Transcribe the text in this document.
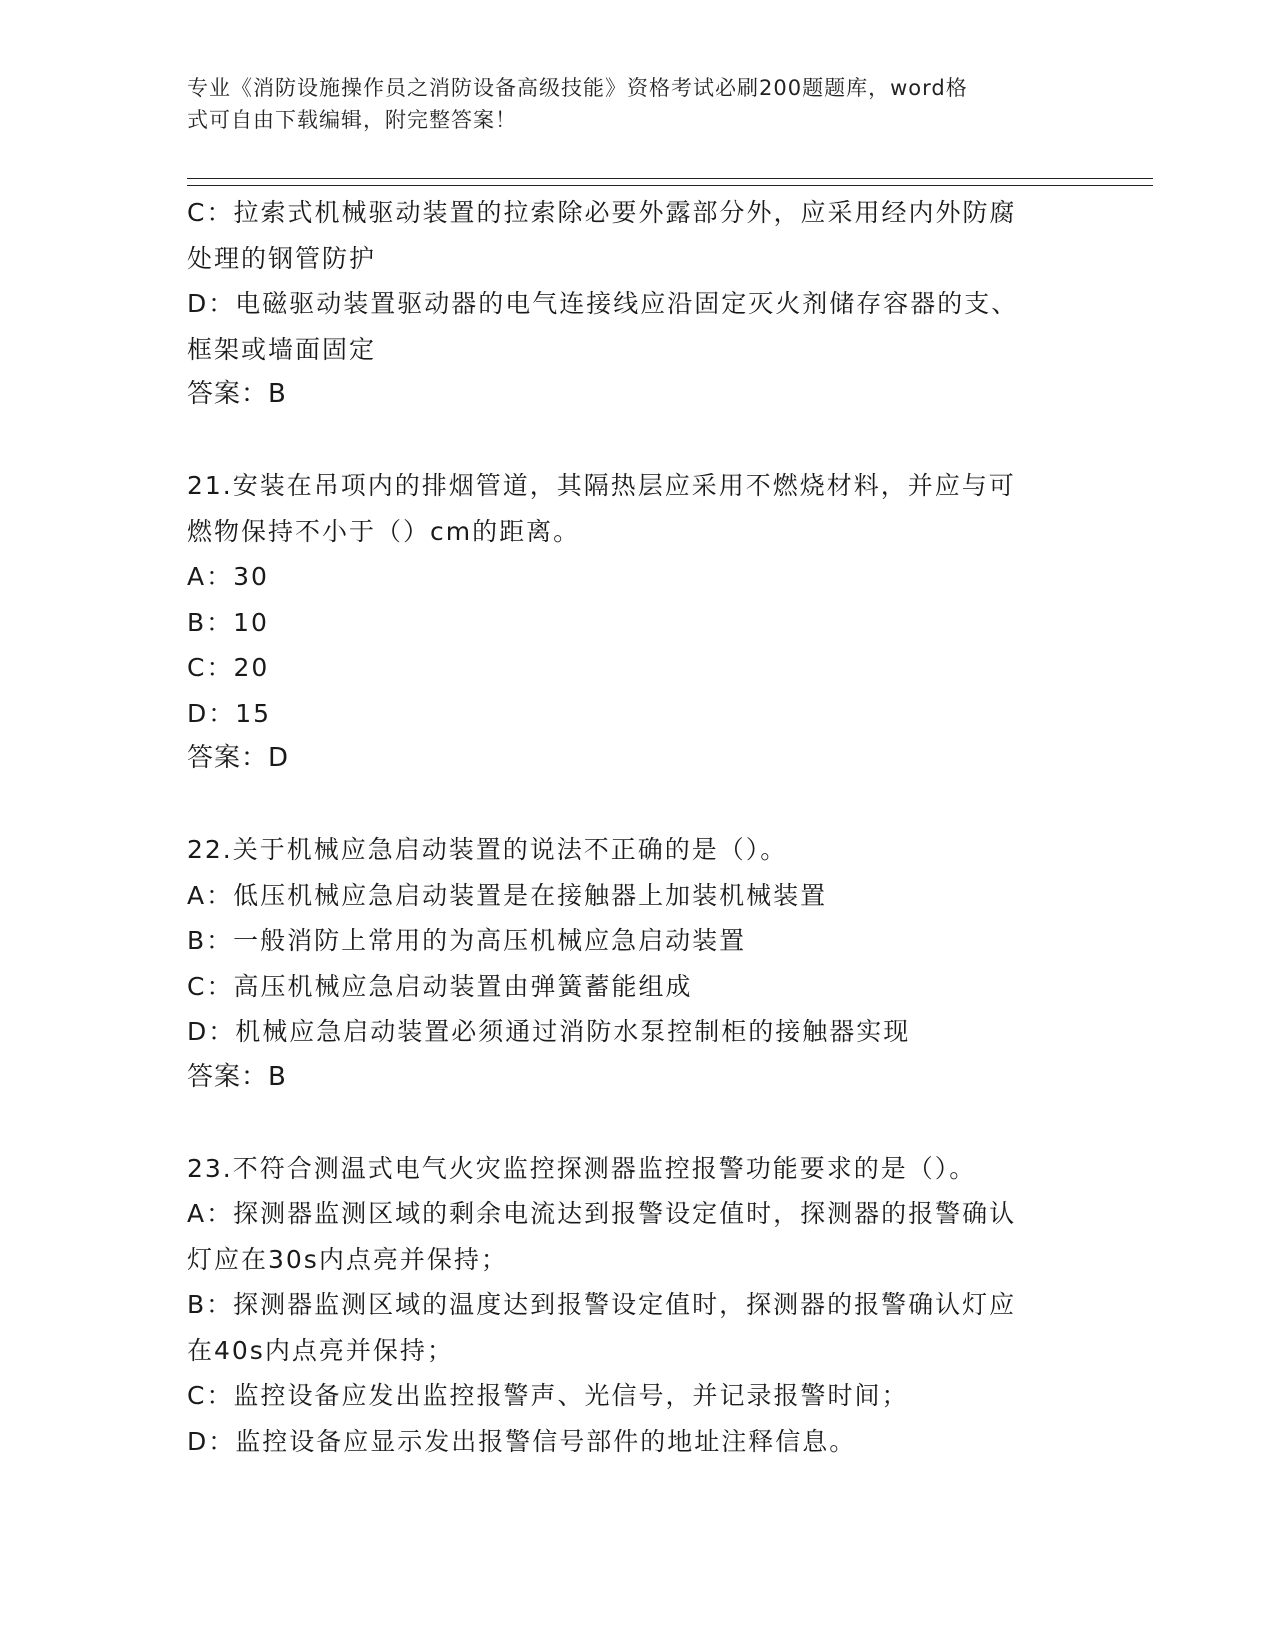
专业《消防设施操作员之消防设备高级技能》资格考试必刷200题题库，word格
式可自由下载编辑，附完整答案！
C：拉索式机械驱动装置的拉索除必要外露部分外，应采用经内外防腐
处理的钢管防护
D：电磁驱动装置驱动器的电气连接线应沿固定灭火剂储存容器的支、
框架或墙面固定
答案：B
21.安装在吊项内的排烟管道，其隔热层应采用不燃烧材料，并应与可
燃物保持不小于（）cm的距离。
A：30
B：10
C：20
D：15
答案：D
22.关于机械应急启动装置的说法不正确的是（）。
A：低压机械应急启动装置是在接触器上加装机械装置
B：一般消防上常用的为高压机械应急启动装置
C：高压机械应急启动装置由弹簧蓄能组成
D：机械应急启动装置必须通过消防水泵控制柜的接触器实现
答案：B
23.不符合测温式电气火灾监控探测器监控报警功能要求的是（）。
A：探测器监测区域的剩余电流达到报警设定值时，探测器的报警确认
灯应在30s内点亮并保持；
B：探测器监测区域的温度达到报警设定值时，探测器的报警确认灯应
在40s内点亮并保持；
C：监控设备应发出监控报警声、光信号，并记录报警时间；
D：监控设备应显示发出报警信号部件的地址注释信息。
